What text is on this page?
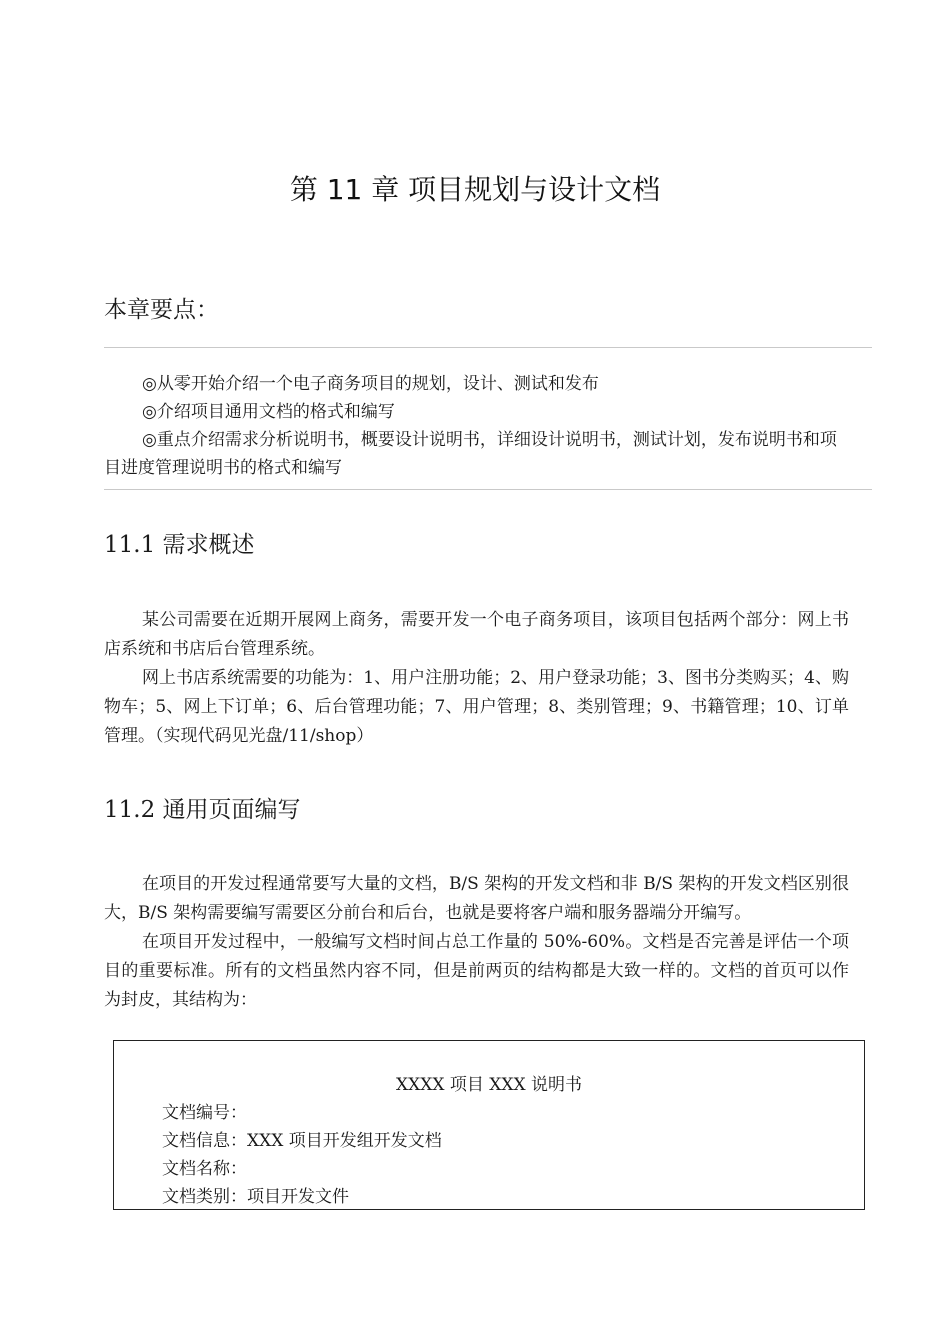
第 11 章 项目规划与设计文档
本章要点：

◎从零开始介绍一个电子商务项目的规划，设计、测试和发布

◎介绍项目通用文档的格式和编写

◎重点介绍需求分析说明书，概要设计说明书，详细设计说明书，测试计划，发布说明书和项目进度管理说明书的格式和编写

11.1 需求概述

某公司需要在近期开展网上商务，需要开发一个电子商务项目，该项目包括两个部分：网上书店系统和书店后台管理系统。

网上书店系统需要的功能为：1、用户注册功能；2、用户登录功能；3、图书分类购买；4、购物车；5、网上下订单；6、后台管理功能；7、用户管理；8、类别管理；9、书籍管理；10、订单管理。（实现代码见光盘/11/shop）

11.2 通用页面编写

在项目的开发过程通常要写大量的文档，B/S 架构的开发文档和非 B/S 架构的开发文档区别很大，B/S 架构需要编写需要区分前台和后台，也就是要将客户端和服务器端分开编写。

在项目开发过程中，一般编写文档时间占总工作量的 50%-60%。文档是否完善是评估一个项目的重要标准。所有的文档虽然内容不同，但是前两页的结构都是大致一样的。文档的首页可以作为封皮，其结构为：

XXXX 项目 XXX 说明书
文档编号：
文档信息：XXX 项目开发组开发文档
文档名称：
文档类别：项目开发文件
